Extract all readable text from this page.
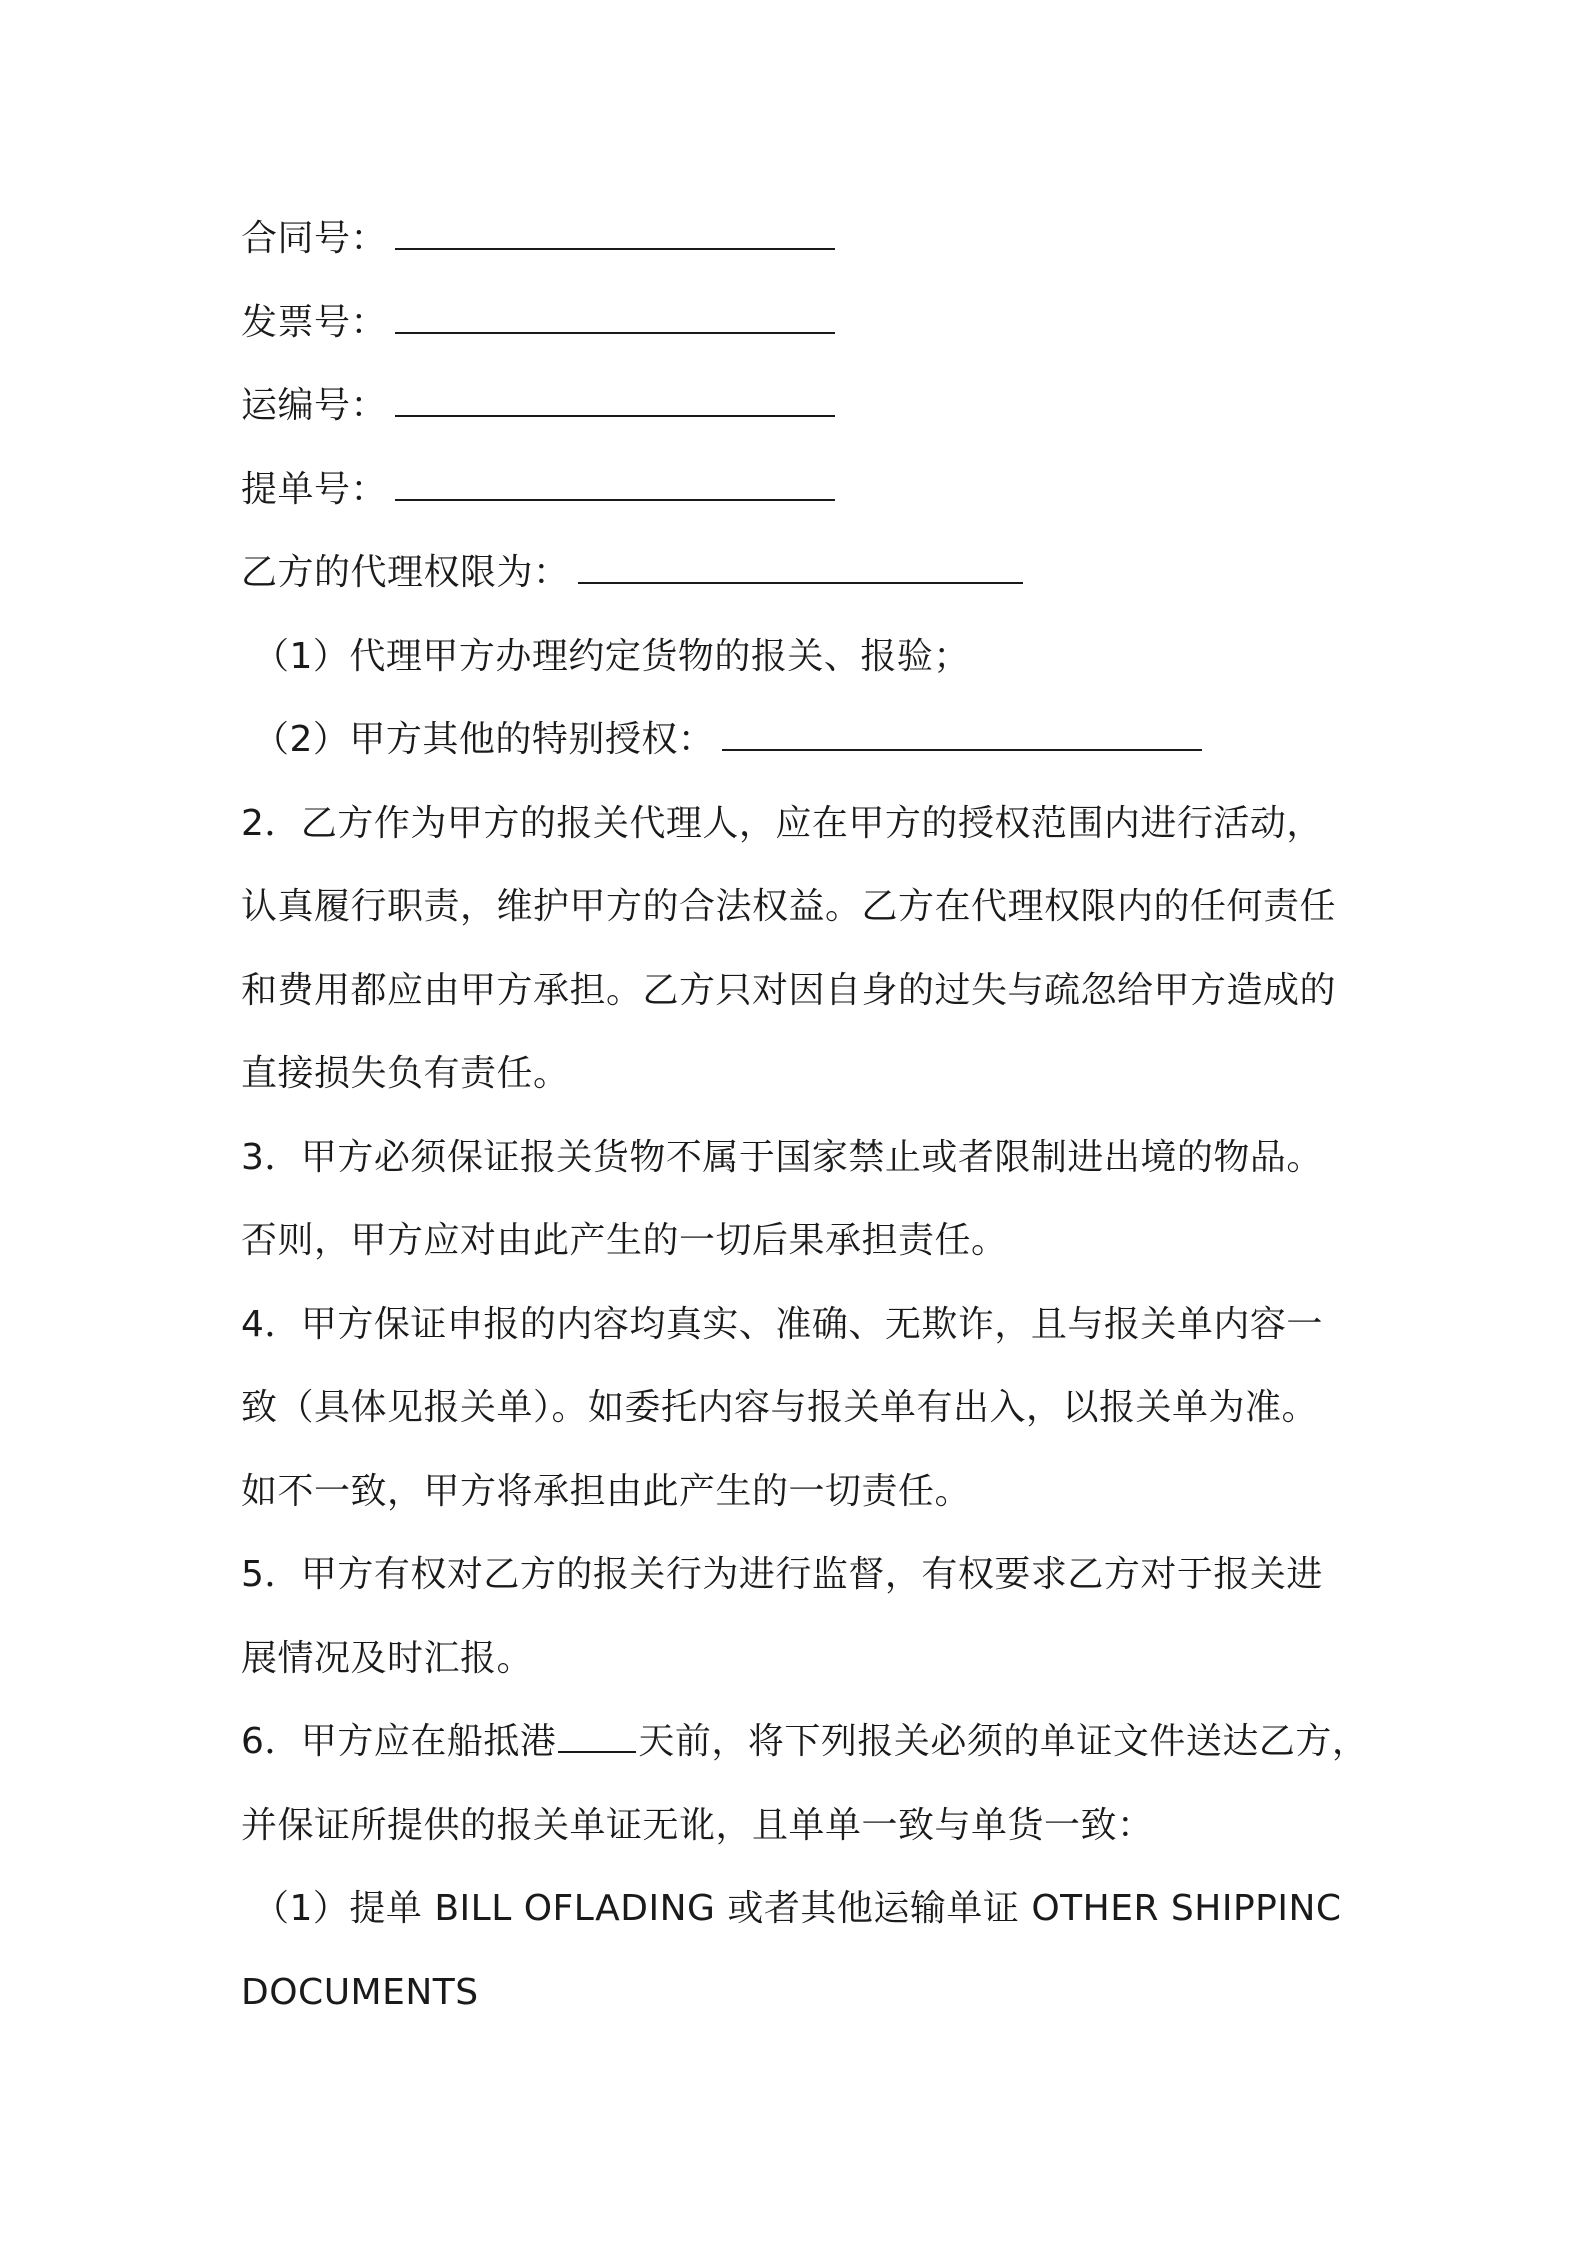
合同号：
发票号：
运编号：
提单号：
乙方的代理权限为：
（1）代理甲方办理约定货物的报关、报验；
（2）甲方其他的特别授权：
2．乙方作为甲方的报关代理人，应在甲方的授权范围内进行活动，
认真履行职责，维护甲方的合法权益。乙方在代理权限内的任何责任
和费用都应由甲方承担。乙方只对因自身的过失与疏忽给甲方造成的
直接损失负有责任。
3．甲方必须保证报关货物不属于国家禁止或者限制进出境的物品。
否则，甲方应对由此产生的一切后果承担责任。
4．甲方保证申报的内容均真实、准确、无欺诈，且与报关单内容一
致（具体见报关单）。如委托内容与报关单有出入，以报关单为准。
如不一致，甲方将承担由此产生的一切责任。
5．甲方有权对乙方的报关行为进行监督，有权要求乙方对于报关进
展情况及时汇报。
6．甲方应在船抵港 天前，将下列报关必须的单证文件送达乙方，
并保证所提供的报关单证无讹，且单单一致与单货一致：
（1）提单 BILL OFLADING 或者其他运输单证 OTHER SHIPPINC
DOCUMENTS
